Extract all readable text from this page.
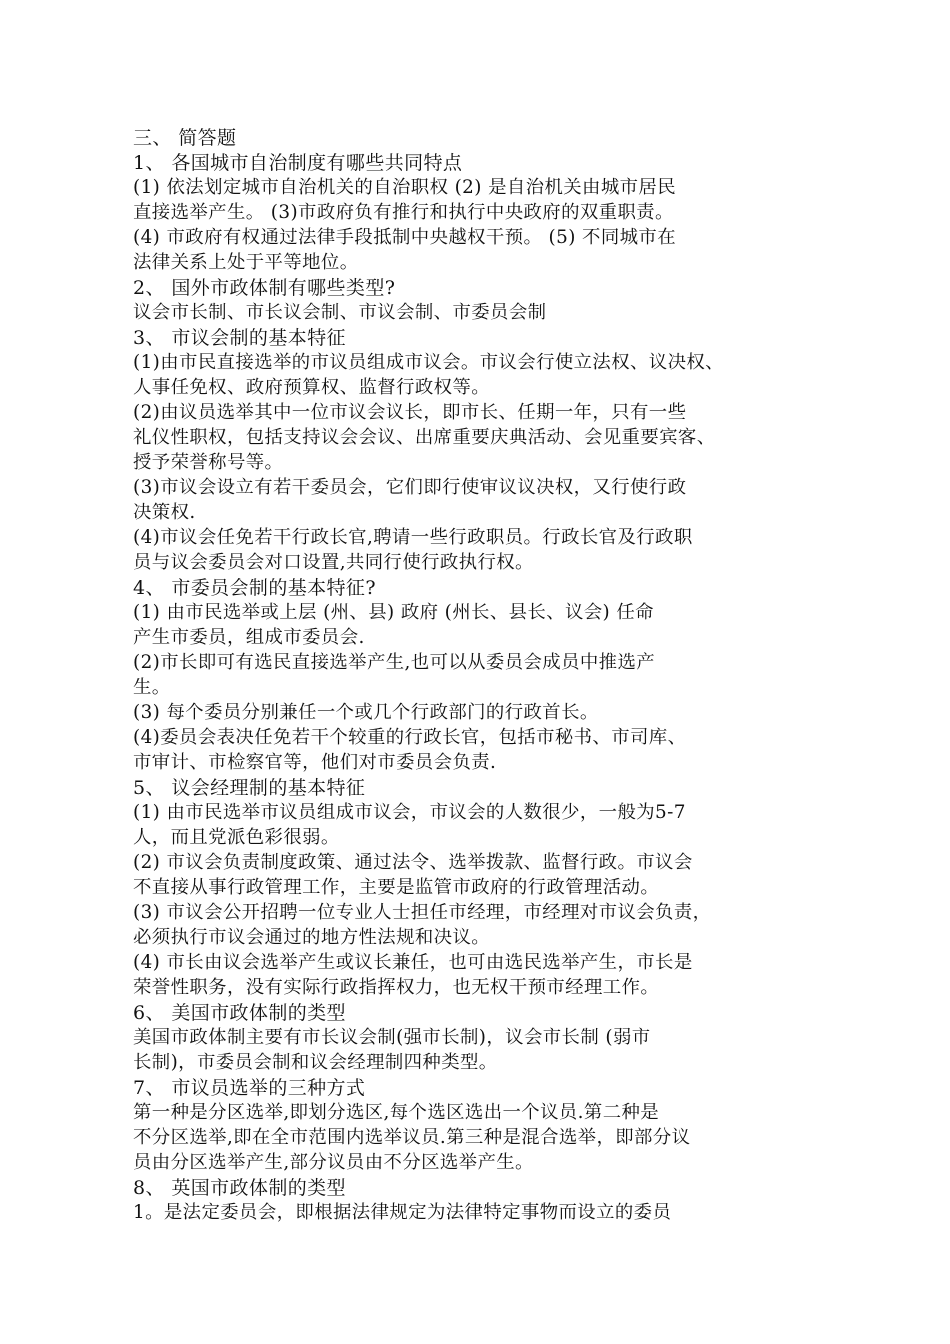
三、 简答题
1、 各国城市自治制度有哪些共同特点
(1) 依法划定城市自治机关的自治职权 (2) 是自治机关由城市居民
直接选举产生。 (3)市政府负有推行和执行中央政府的双重职责。
(4) 市政府有权通过法律手段抵制中央越权干预。 (5) 不同城市在
法律关系上处于平等地位。
2、 国外市政体制有哪些类型?
议会市长制、市长议会制、市议会制、市委员会制
3、 市议会制的基本特征
(1)由市民直接选举的市议员组成市议会。市议会行使立法权、议决权、
人事任免权、政府预算权、监督行政权等。
(2)由议员选举其中一位市议会议长，即市长、任期一年，只有一些
礼仪性职权，包括支持议会会议、出席重要庆典活动、会见重要宾客、
授予荣誉称号等。
(3)市议会设立有若干委员会，它们即行使审议议决权，又行使行政
决策权.
(4)市议会任免若干行政长官,聘请一些行政职员。行政长官及行政职
员与议会委员会对口设置,共同行使行政执行权。
4、 市委员会制的基本特征?
(1) 由市民选举或上层 (州、县) 政府 (州长、县长、议会) 任命
产生市委员，组成市委员会.
(2)市长即可有选民直接选举产生,也可以从委员会成员中推选产
生。
(3) 每个委员分别兼任一个或几个行政部门的行政首长。
(4)委员会表决任免若干个较重的行政长官，包括市秘书、市司库、
市审计、市检察官等，他们对市委员会负责.
5、 议会经理制的基本特征
(1) 由市民选举市议员组成市议会，市议会的人数很少，一般为5-7
人，而且党派色彩很弱。
(2) 市议会负责制度政策、通过法令、选举拨款、监督行政。市议会
不直接从事行政管理工作，主要是监管市政府的行政管理活动。
(3) 市议会公开招聘一位专业人士担任市经理，市经理对市议会负责，
必须执行市议会通过的地方性法规和决议。
(4) 市长由议会选举产生或议长兼任，也可由选民选举产生，市长是
荣誉性职务，没有实际行政指挥权力，也无权干预市经理工作。
6、 美国市政体制的类型
美国市政体制主要有市长议会制(强市长制)，议会市长制 (弱市
长制)，市委员会制和议会经理制四种类型。
7、 市议员选举的三种方式
第一种是分区选举,即划分选区,每个选区选出一个议员.第二种是
不分区选举,即在全市范围内选举议员.第三种是混合选举，即部分议
员由分区选举产生,部分议员由不分区选举产生。
8、 英国市政体制的类型
1。是法定委员会，即根据法律规定为法律特定事物而设立的委员
